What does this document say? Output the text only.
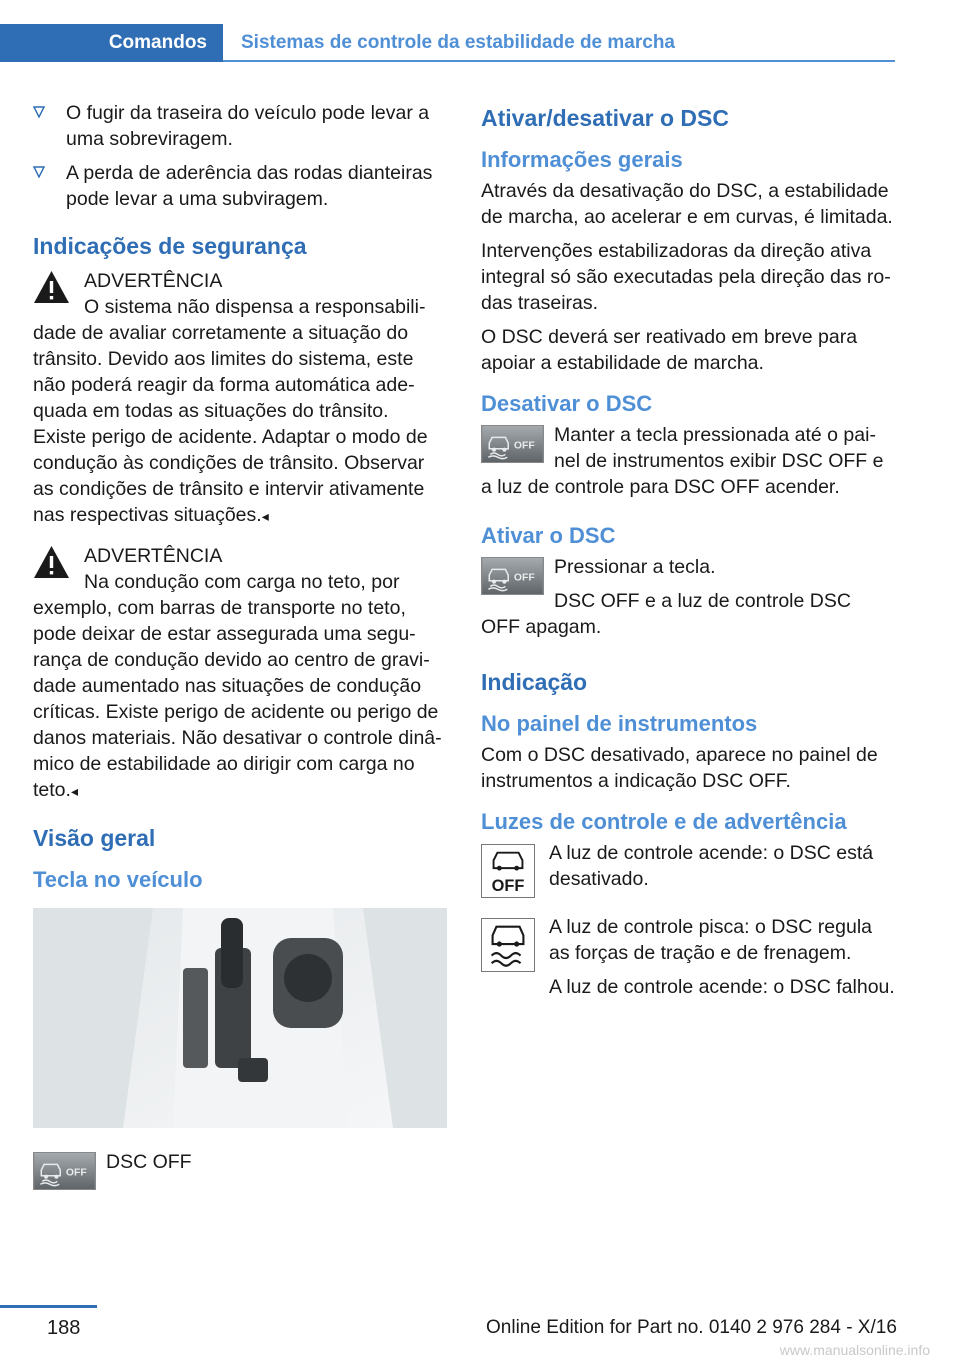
Comandos	Sistemas de controle da estabilidade de marcha
O fugir da traseira do veículo pode levar a uma sobreviragem.
A perda de aderência das rodas dianteiras pode levar a uma subviragem.
Indicações de segurança

ADVERTÊNCIA

O sistema não dispensa a responsabilidade de avaliar corretamente a situação do trânsito. Devido aos limites do sistema, este não poderá reagir da forma automática adequada em todas as situações do trânsito. Existe perigo de acidente. Adaptar o modo de condução às condições de trânsito. Observar as condições de trânsito e intervir ativamente nas respectivas situações.◂

ADVERTÊNCIA

Na condução com carga no teto, por exemplo, com barras de transporte no teto, pode deixar de estar assegurada uma segurança de condução devido ao centro de gravidade aumentado nas situações de condução críticas. Existe perigo de acidente ou perigo de danos materiais. Não desativar o controle dinâmico de estabilidade ao dirigir com carga no teto.◂

Visão geral
Tecla no veículo

DSC OFF

Ativar/desativar o DSC
Informações gerais

Através da desativação do DSC, a estabilidade de marcha, ao acelerar e em curvas, é limitada.

Intervenções estabilizadoras da direção ativa integral só são executadas pela direção das rodas traseiras.

O DSC deverá ser reativado em breve para apoiar a estabilidade de marcha.

Desativar o DSC

Manter a tecla pressionada até o painel de instrumentos exibir DSC OFF e a luz de controle para DSC OFF acender.

Ativar o DSC

Pressionar a tecla.

DSC OFF e a luz de controle DSC OFF apagam.

Indicação
No painel de instrumentos

Com o DSC desativado, aparece no painel de instrumentos a indicação DSC OFF.

Luzes de controle e de advertência
OFF

A luz de controle acende: o DSC está desativado.

A luz de controle pisca: o DSC regula as forças de tração e de frenagem.

A luz de controle acende: o DSC falhou.

188	Online Edition for Part no. 0140 2 976 284 - X/16
www.manualsonline.info
